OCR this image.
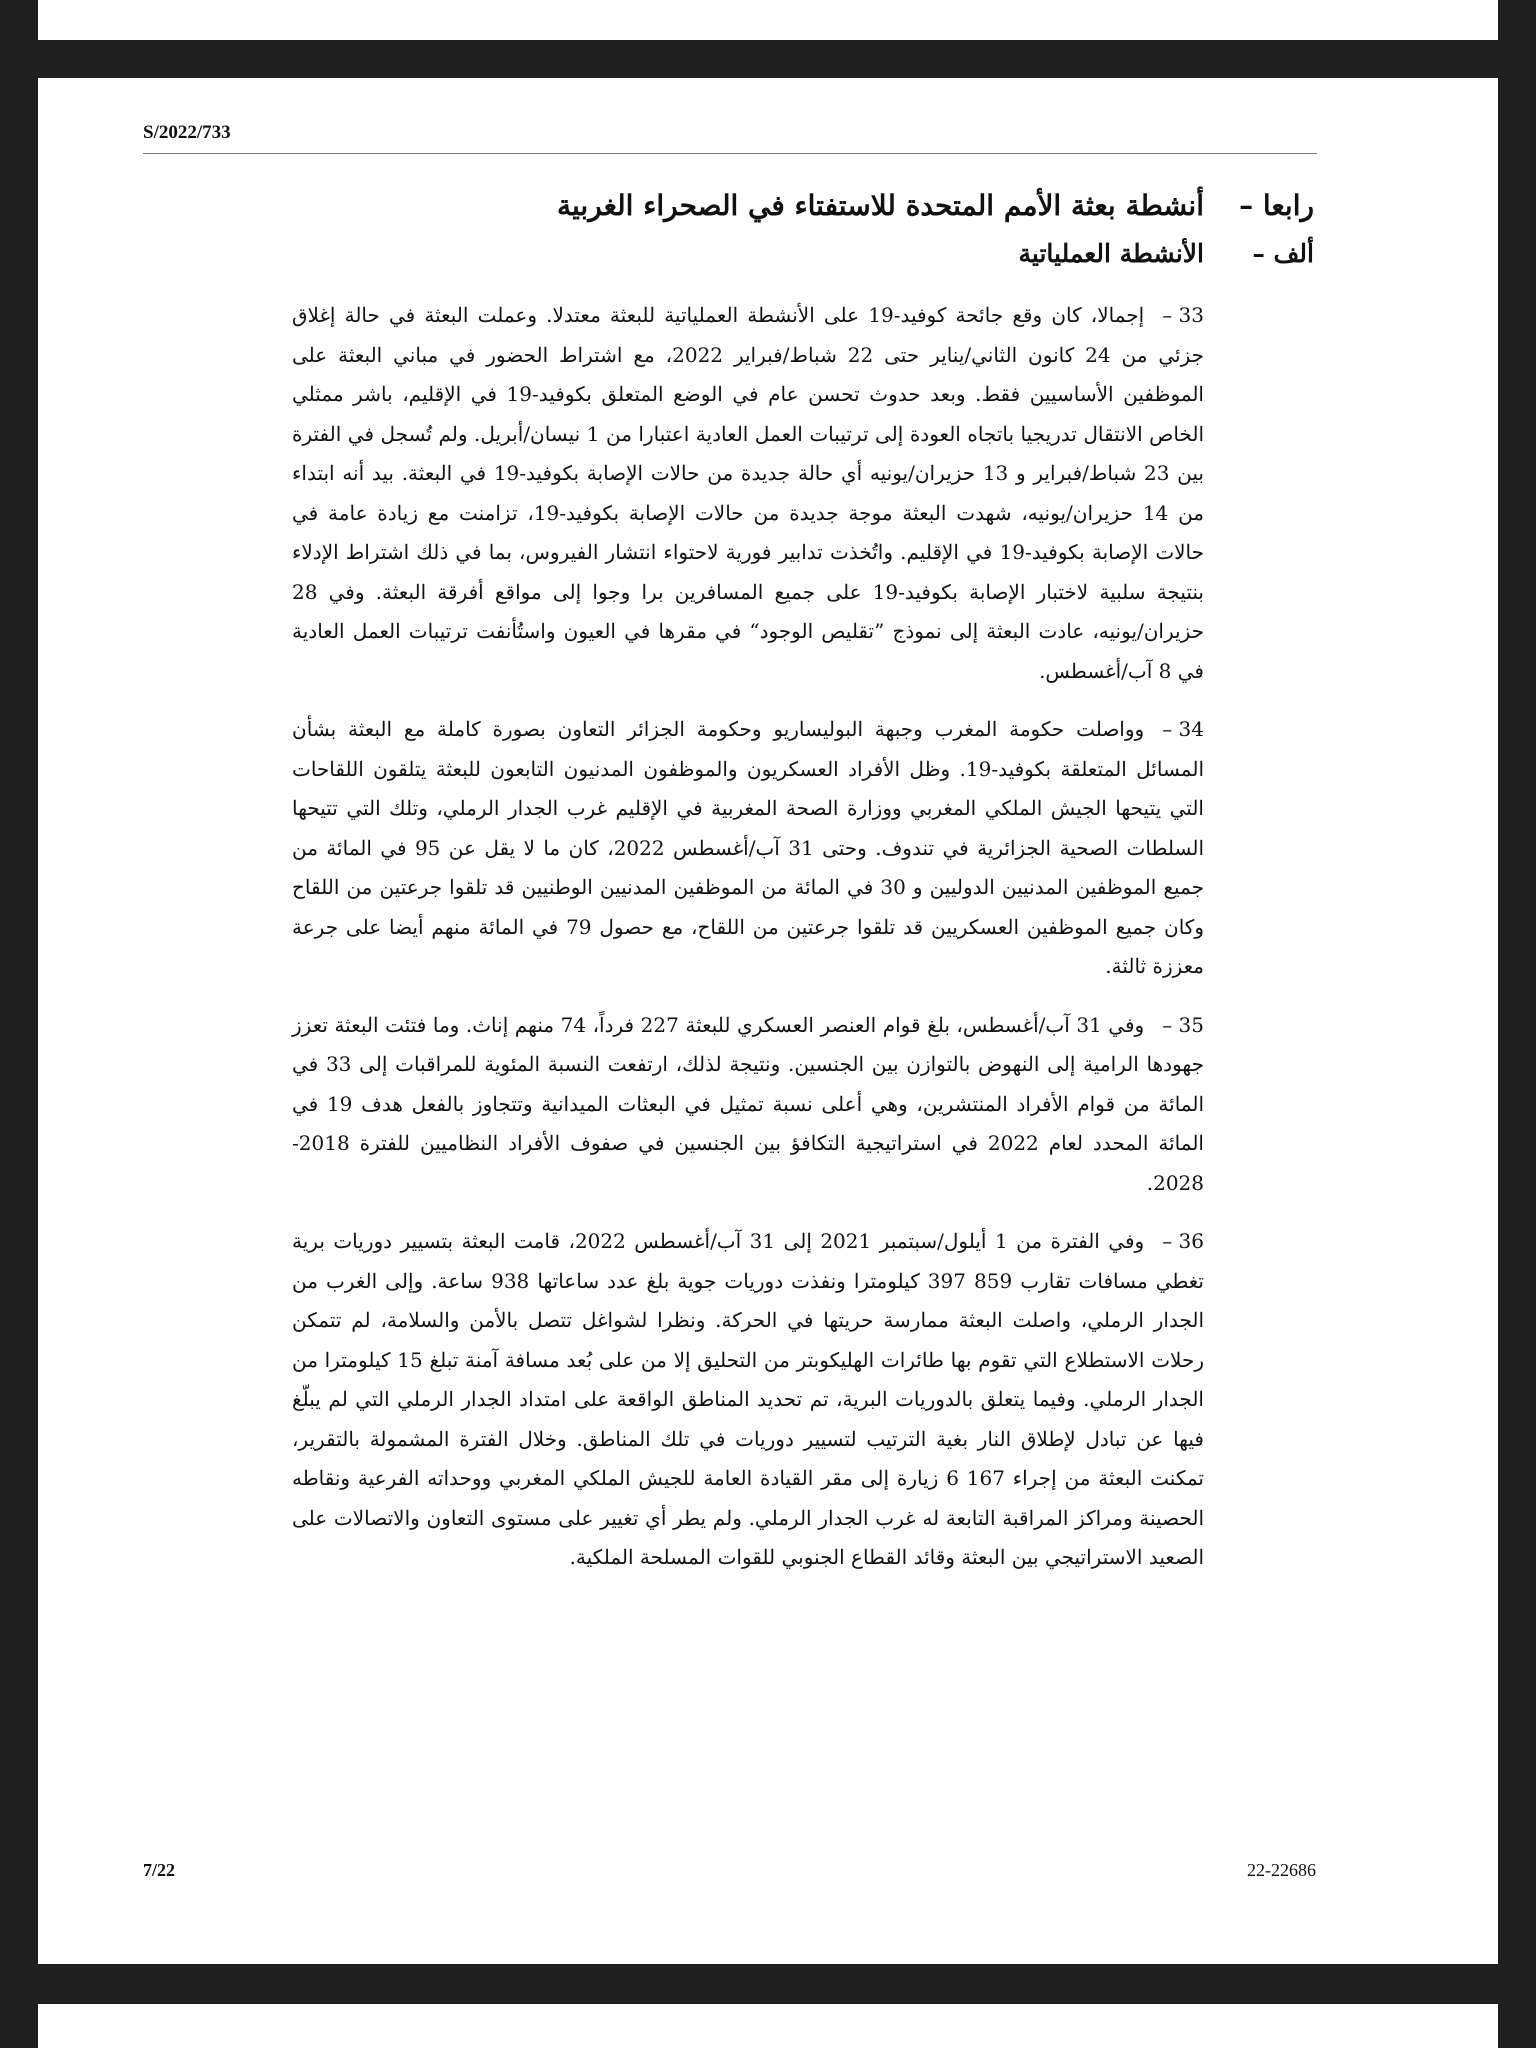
S/2022/733
رابعا –
أنشطة بعثة الأمم المتحدة للاستفتاء في الصحراء الغربية
ألف –
الأنشطة العملياتية

33 –إجمالا، كان وقع جائحة كوفيد-19 على الأنشطة العملياتية للبعثة معتدلا. وعملت البعثة في حالة إغلاق جزئي من 24 كانون الثاني/يناير حتى 22 شباط/فبراير 2022، مع اشتراط الحضور في مباني البعثة على الموظفين الأساسيين فقط. وبعد حدوث تحسن عام في الوضع المتعلق بكوفيد-19 في الإقليم، باشر ممثلي الخاص الانتقال تدريجيا باتجاه العودة إلى ترتيبات العمل العادية اعتبارا من 1 نيسان/أبريل. ولم تُسجل في الفترة بين 23 شباط/فبراير و 13 حزيران/يونيه أي حالة جديدة من حالات الإصابة بكوفيد-19 في البعثة. بيد أنه ابتداء من 14 حزيران/يونيه، شهدت البعثة موجة جديدة من حالات الإصابة بكوفيد-19، تزامنت مع زيادة عامة في حالات الإصابة بكوفيد-19 في الإقليم. واتُخذت تدابير فورية لاحتواء انتشار الفيروس، بما في ذلك اشتراط الإدلاء بنتيجة سلبية لاختبار الإصابة بكوفيد-19 على جميع المسافرين برا وجوا إلى مواقع أفرقة البعثة. وفي 28 حزيران/يونيه، عادت البعثة إلى نموذج ”تقليص الوجود“ في مقرها في العيون واستُأنفت ترتيبات العمل العادية في 8 آب/أغسطس.

34 –وواصلت حكومة المغرب وجبهة البوليساريو وحكومة الجزائر التعاون بصورة كاملة مع البعثة بشأن المسائل المتعلقة بكوفيد-19. وظل الأفراد العسكريون والموظفون المدنيون التابعون للبعثة يتلقون اللقاحات التي يتيحها الجيش الملكي المغربي ووزارة الصحة المغربية في الإقليم غرب الجدار الرملي، وتلك التي تتيحها السلطات الصحية الجزائرية في تندوف. وحتى 31 آب/أغسطس 2022، كان ما لا يقل عن 95 في المائة من جميع الموظفين المدنيين الدوليين و 30 في المائة من الموظفين المدنيين الوطنيين قد تلقوا جرعتين من اللقاح وكان جميع الموظفين العسكريين قد تلقوا جرعتين من اللقاح، مع حصول 79 في المائة منهم أيضا على جرعة معززة ثالثة.

35 –وفي 31 آب/أغسطس، بلغ قوام العنصر العسكري للبعثة 227 فرداً، 74 منهم إناث. وما فتئت البعثة تعزز جهودها الرامية إلى النهوض بالتوازن بين الجنسين. ونتيجة لذلك، ارتفعت النسبة المئوية للمراقبات إلى 33 في المائة من قوام الأفراد المنتشرين، وهي أعلى نسبة تمثيل في البعثات الميدانية وتتجاوز بالفعل هدف 19 في المائة المحدد لعام 2022 في استراتيجية التكافؤ بين الجنسين في صفوف الأفراد النظاميين للفترة 2018-2028.

36 –وفي الفترة من 1 أيلول/سبتمبر 2021 إلى 31 آب/أغسطس 2022، قامت البعثة بتسيير دوريات برية تغطي مسافات تقارب 859 397 كيلومترا ونفذت دوريات جوية بلغ عدد ساعاتها 938 ساعة. وإلى الغرب من الجدار الرملي، واصلت البعثة ممارسة حريتها في الحركة. ونظرا لشواغل تتصل بالأمن والسلامة، لم تتمكن رحلات الاستطلاع التي تقوم بها طائرات الهليكوبتر من التحليق إلا من على بُعد مسافة آمنة تبلغ 15 كيلومترا من الجدار الرملي. وفيما يتعلق بالدوريات البرية، تم تحديد المناطق الواقعة على امتداد الجدار الرملي التي لم يبلّغ فيها عن تبادل لإطلاق النار بغية الترتيب لتسيير دوريات في تلك المناطق. وخلال الفترة المشمولة بالتقرير، تمكنت البعثة من إجراء 167 6 زيارة إلى مقر القيادة العامة للجيش الملكي المغربي ووحداته الفرعية ونقاطه الحصينة ومراكز المراقبة التابعة له غرب الجدار الرملي. ولم يطر أي تغيير على مستوى التعاون والاتصالات على الصعيد الاستراتيجي بين البعثة وقائد القطاع الجنوبي للقوات المسلحة الملكية.

7/22	22-22686
